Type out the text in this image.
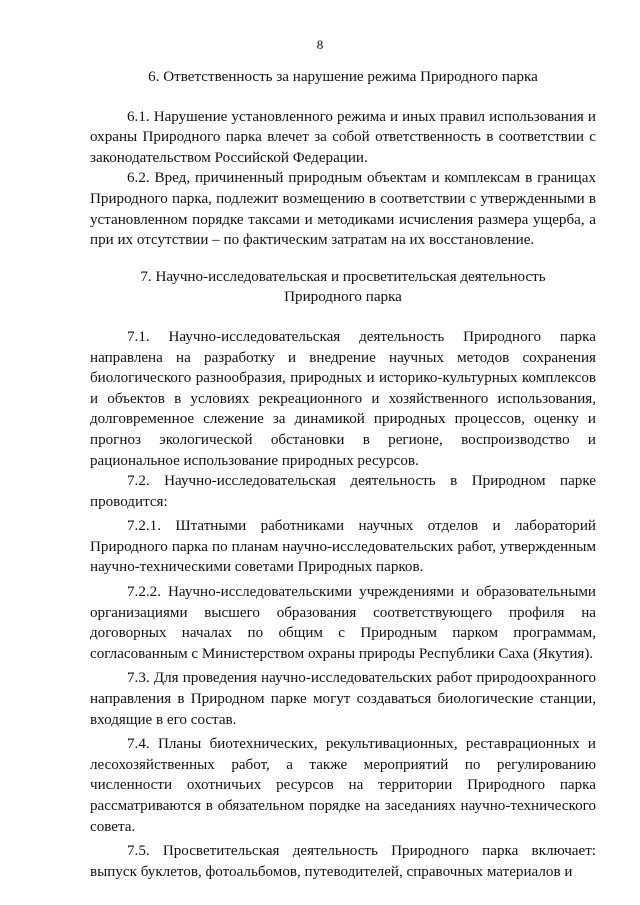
8

6. Ответственность за нарушение режима Природного парка

6.1. Нарушение установленного режима и иных правил использования и охраны Природного парка влечет за собой ответственность в соответствии с законодательством Российской Федерации.

6.2. Вред, причиненный природным объектам и комплексам в границах Природного парка, подлежит возмещению в соответствии с утвержденными в установленном порядке таксами и методиками исчисления размера ущерба, а при их отсутствии – по фактическим затратам на их восстановление.

7. Научно-исследовательская и просветительская деятельность

Природного парка

7.1. Научно-исследовательская деятельность Природного парка направлена на разработку и внедрение научных методов сохранения биологического разнообразия, природных и историко-культурных комплексов и объектов в условиях рекреационного и хозяйственного использования, долговременное слежение за динамикой природных процессов, оценку и прогноз экологической обстановки в регионе, воспроизводство и рациональное использование природных ресурсов.

7.2. Научно-исследовательская деятельность в Природном парке проводится:

7.2.1. Штатными работниками научных отделов и лабораторий Природного парка по планам научно-исследовательских работ, утвержденным научно-техническими советами Природных парков.

7.2.2. Научно-исследовательскими учреждениями и образовательными организациями высшего образования соответствующего профиля на договорных началах по общим с Природным парком программам, согласованным с Министерством охраны природы Республики Саха (Якутия).

7.3. Для проведения научно-исследовательских работ природоохранного направления в Природном парке могут создаваться биологические станции, входящие в его состав.

7.4. Планы биотехнических, рекультивационных, реставрационных и лесохозяйственных работ, а также мероприятий по регулированию численности охотничьих ресурсов на территории Природного парка рассматриваются в обязательном порядке на заседаниях научно-технического совета.

7.5. Просветительская деятельность Природного парка включает: выпуск буклетов, фотоальбомов, путеводителей, справочных материалов и
